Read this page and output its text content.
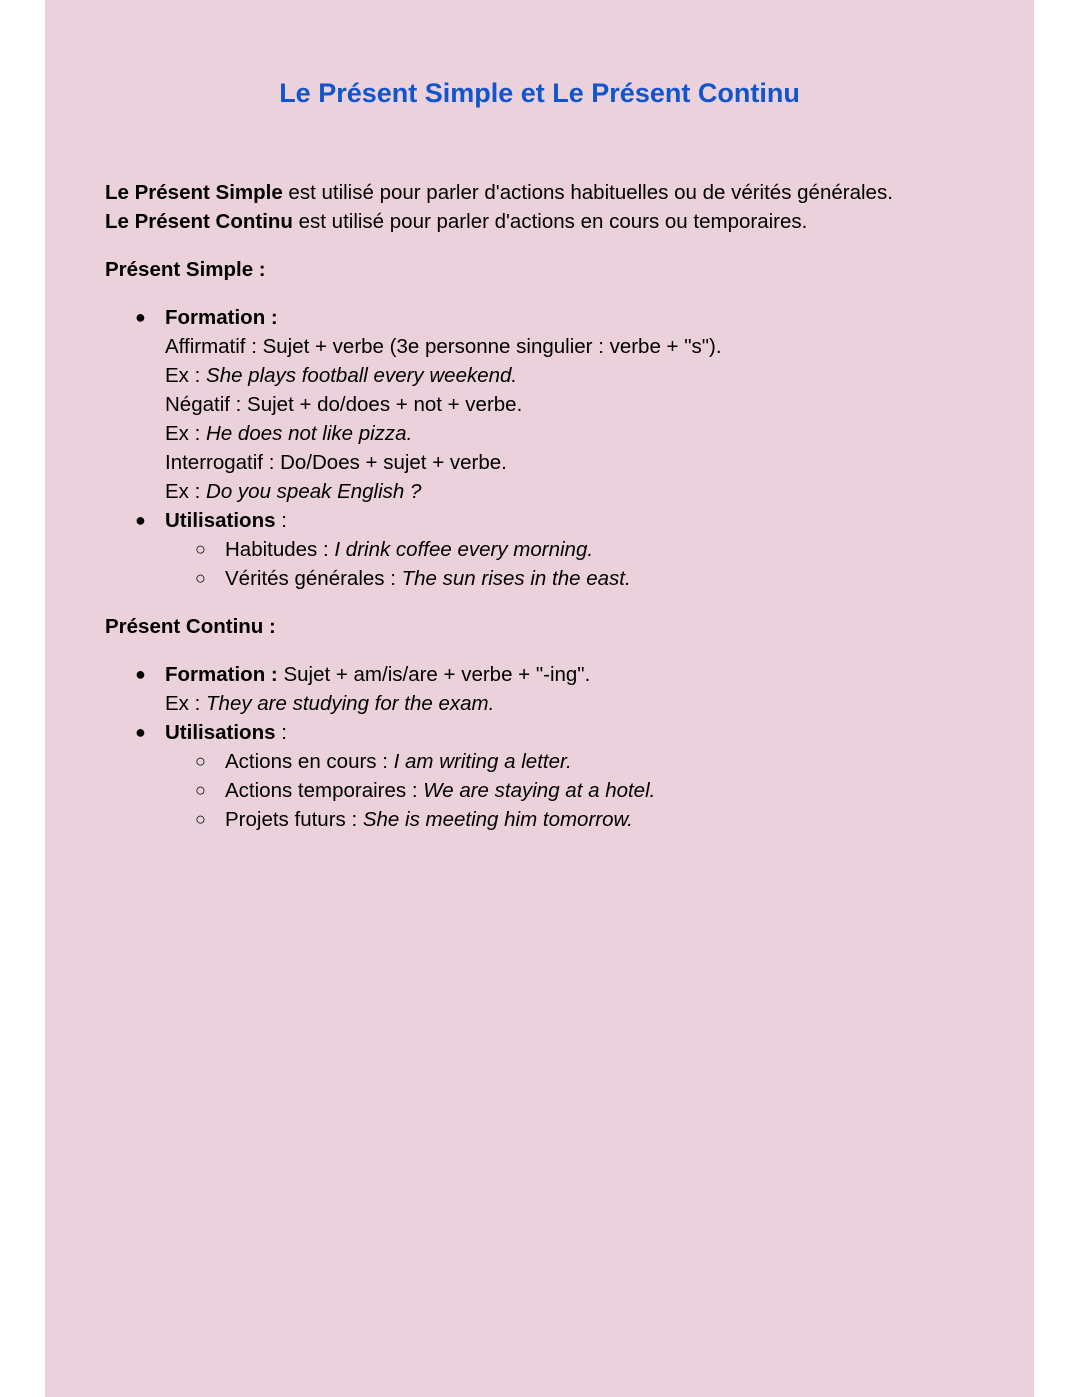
Le Présent Simple et Le Présent Continu

Le Présent Simple est utilisé pour parler d'actions habituelles ou de vérités générales.

Le Présent Continu est utilisé pour parler d'actions en cours ou temporaires.

Présent Simple :

● Formation :
Affirmatif : Sujet + verbe (3e personne singulier : verbe + "s").
Ex : She plays football every weekend.
Négatif : Sujet + do/does + not + verbe.
Ex : He does not like pizza.
Interrogatif : Do/Does + sujet + verbe.
Ex : Do you speak English ?
● Utilisations :
○ Habitudes : I drink coffee every morning.
○ Vérités générales : The sun rises in the east.

Présent Continu :

● Formation : Sujet + am/is/are + verbe + "-ing".
Ex : They are studying for the exam.
● Utilisations :
○ Actions en cours : I am writing a letter.
○ Actions temporaires : We are staying at a hotel.
○ Projets futurs : She is meeting him tomorrow.
